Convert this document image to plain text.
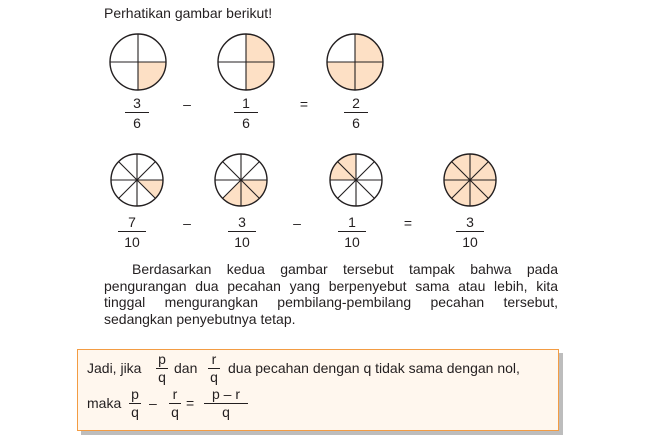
Perhatikan gambar berikut!
3
6
–	1
6
=	2
6
7
10
–	3
10
–	1
10
=	3
10
Berdasarkan kedua gambar tersebut tampak bahwa pada
pengurangan dua pecahan yang berpenyebut sama atau lebih, kita
tinggal mengurangkan pembilang-pembilang pecahan tersebut,
sedangkan penyebutnya tetap.
Jadi, jika
p
q
dan
r
q
dua pecahan dengan q tidak sama dengan nol,
maka
p
q
–
r
q
=
p – r
q
